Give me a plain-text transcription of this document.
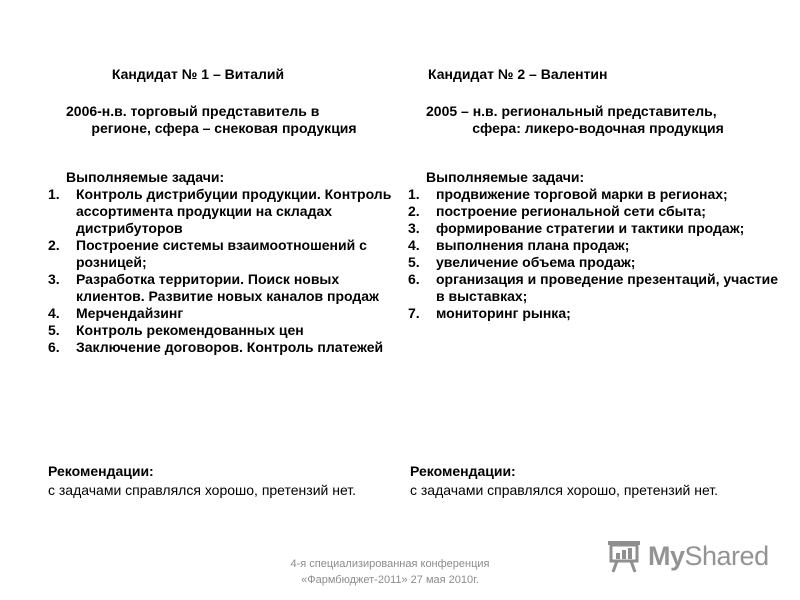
Кандидат № 1 – Виталий
2006-н.в. торговый представитель в
регионе, сфера – снековая продукция
Выполняемые задачи:
1. Контроль дистрибуции продукции. Контроль ассортимента продукции на складах дистрибуторов
2. Построение системы взаимоотношений с розницей;
3. Разработка территории. Поиск новых клиентов. Развитие новых каналов продаж
4. Мерчендайзинг
5. Контроль рекомендованных цен
6. Заключение договоров. Контроль платежей
Кандидат № 2 – Валентин
2005 – н.в. региональный представитель,
сфера: ликеро-водочная продукция
Выполняемые задачи:
1. продвижение торговой марки в регионах;
2. построение региональной сети сбыта;
3. формирование стратегии и тактики продаж;
4. выполнения плана продаж;
5. увеличение объема продаж;
6. организация и проведение презентаций, участие в выставках;
7. мониторинг рынка;
Рекомендации:
с задачами справлялся хорошо, претензий нет.
Рекомендации:
с задачами справлялся хорошо, претензий нет.
4-я специализированная конференция
«Фармбюджет-2011» 27 мая 2010г.
MyShared
